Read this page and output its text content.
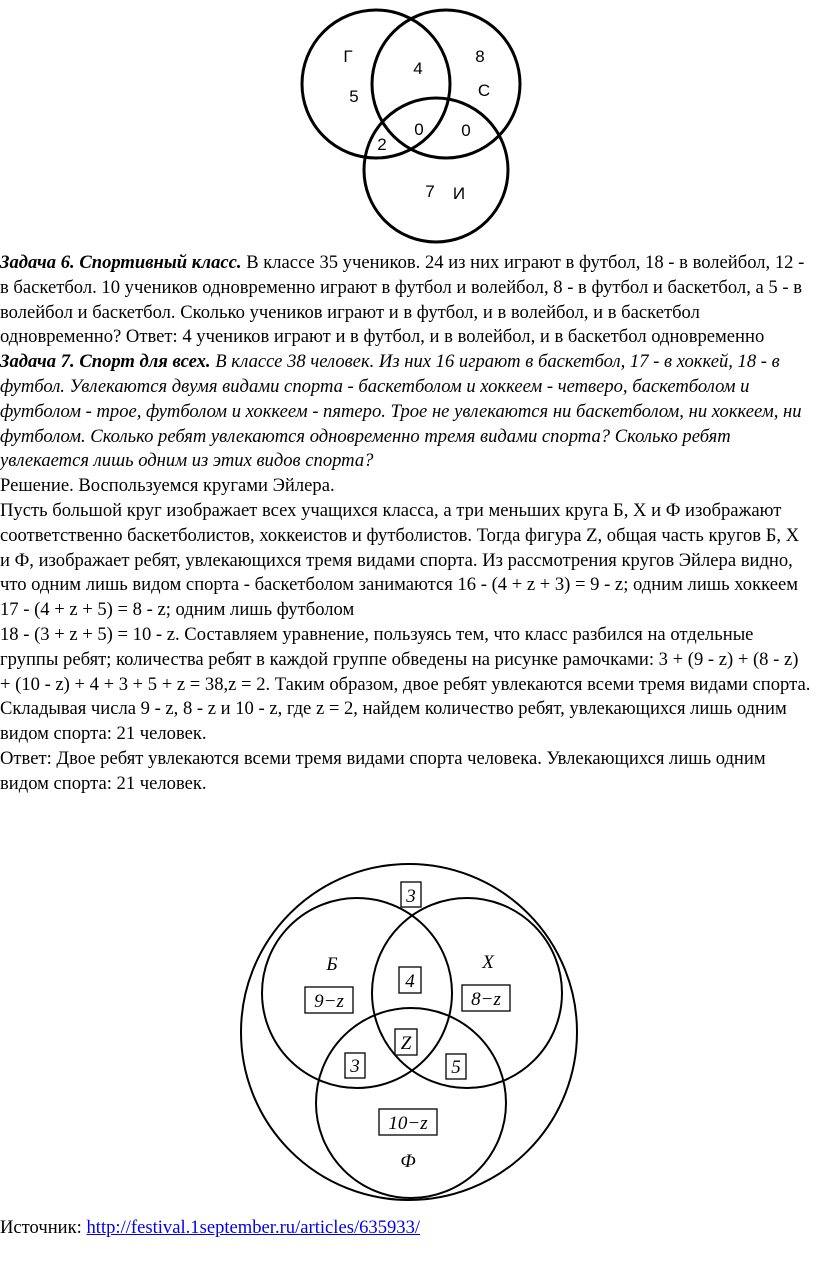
Г
5
4
8
С
0 0
2
7 И

Задача 6. Спортивный класс. В классе 35 учеников. 24 из них играют в футбол, 18 - в волейбол, 12 - в баскетбол. 10 учеников одновременно играют в футбол и волейбол, 8 - в футбол и баскетбол, а 5 - в волейбол и баскетбол. Сколько учеников играют и в футбол, и в волейбол, и в баскетбол одновременно? Ответ: 4 учеников играют и в футбол, и в волейбол, и в баскетбол одновременно

Задача 7. Спорт для всех. В классе 38 человек. Из них 16 играют в баскетбол, 17 - в хоккей, 18 - в футбол. Увлекаются двумя видами спорта - баскетболом и хоккеем - четверо, баскетболом и футболом - трое, футболом и хоккеем - пятеро. Трое не увлекаются ни баскетболом, ни хоккеем, ни футболом. Сколько ребят увлекаются одновременно тремя видами спорта? Сколько ребят увлекается лишь одним из этих видов спорта?

Решение. Воспользуемся кругами Эйлера.

Пусть большой круг изображает всех учащихся класса, а три меньших круга Б, Х и Ф изображают соответственно баскетболистов, хоккеистов и футболистов. Тогда фигура Z, общая часть кругов Б, Х и Ф, изображает ребят, увлекающихся тремя видами спорта. Из рассмотрения кругов Эйлера видно, что одним лишь видом спорта - баскетболом занимаются 16 - (4 + z + 3) = 9 - z; одним лишь хоккеем 17 - (4 + z + 5) = 8 - z; одним лишь футболом

18 - (3 + z + 5) = 10 - z. Составляем уравнение, пользуясь тем, что класс разбился на отдельные группы ребят; количества ребят в каждой группе обведены на рисунке рамочками: 3 + (9 - z) + (8 - z) + (10 - z) + 4 + 3 + 5 + z = 38,z = 2. Таким образом, двое ребят увлекаются всеми тремя видами спорта. Складывая числа 9 - z, 8 - z и 10 - z, где z = 2, найдем количество ребят, увлекающихся лишь одним видом спорта: 21 человек.

Ответ: Двое ребят увлекаются всеми тремя видами спорта человека. Увлекающихся лишь одним видом спорта: 21 человек.

3
Б	Х
4
9−z	8−z
Z
3	5
10−z
Ф
Источник: http://festival.1september.ru/articles/635933/
